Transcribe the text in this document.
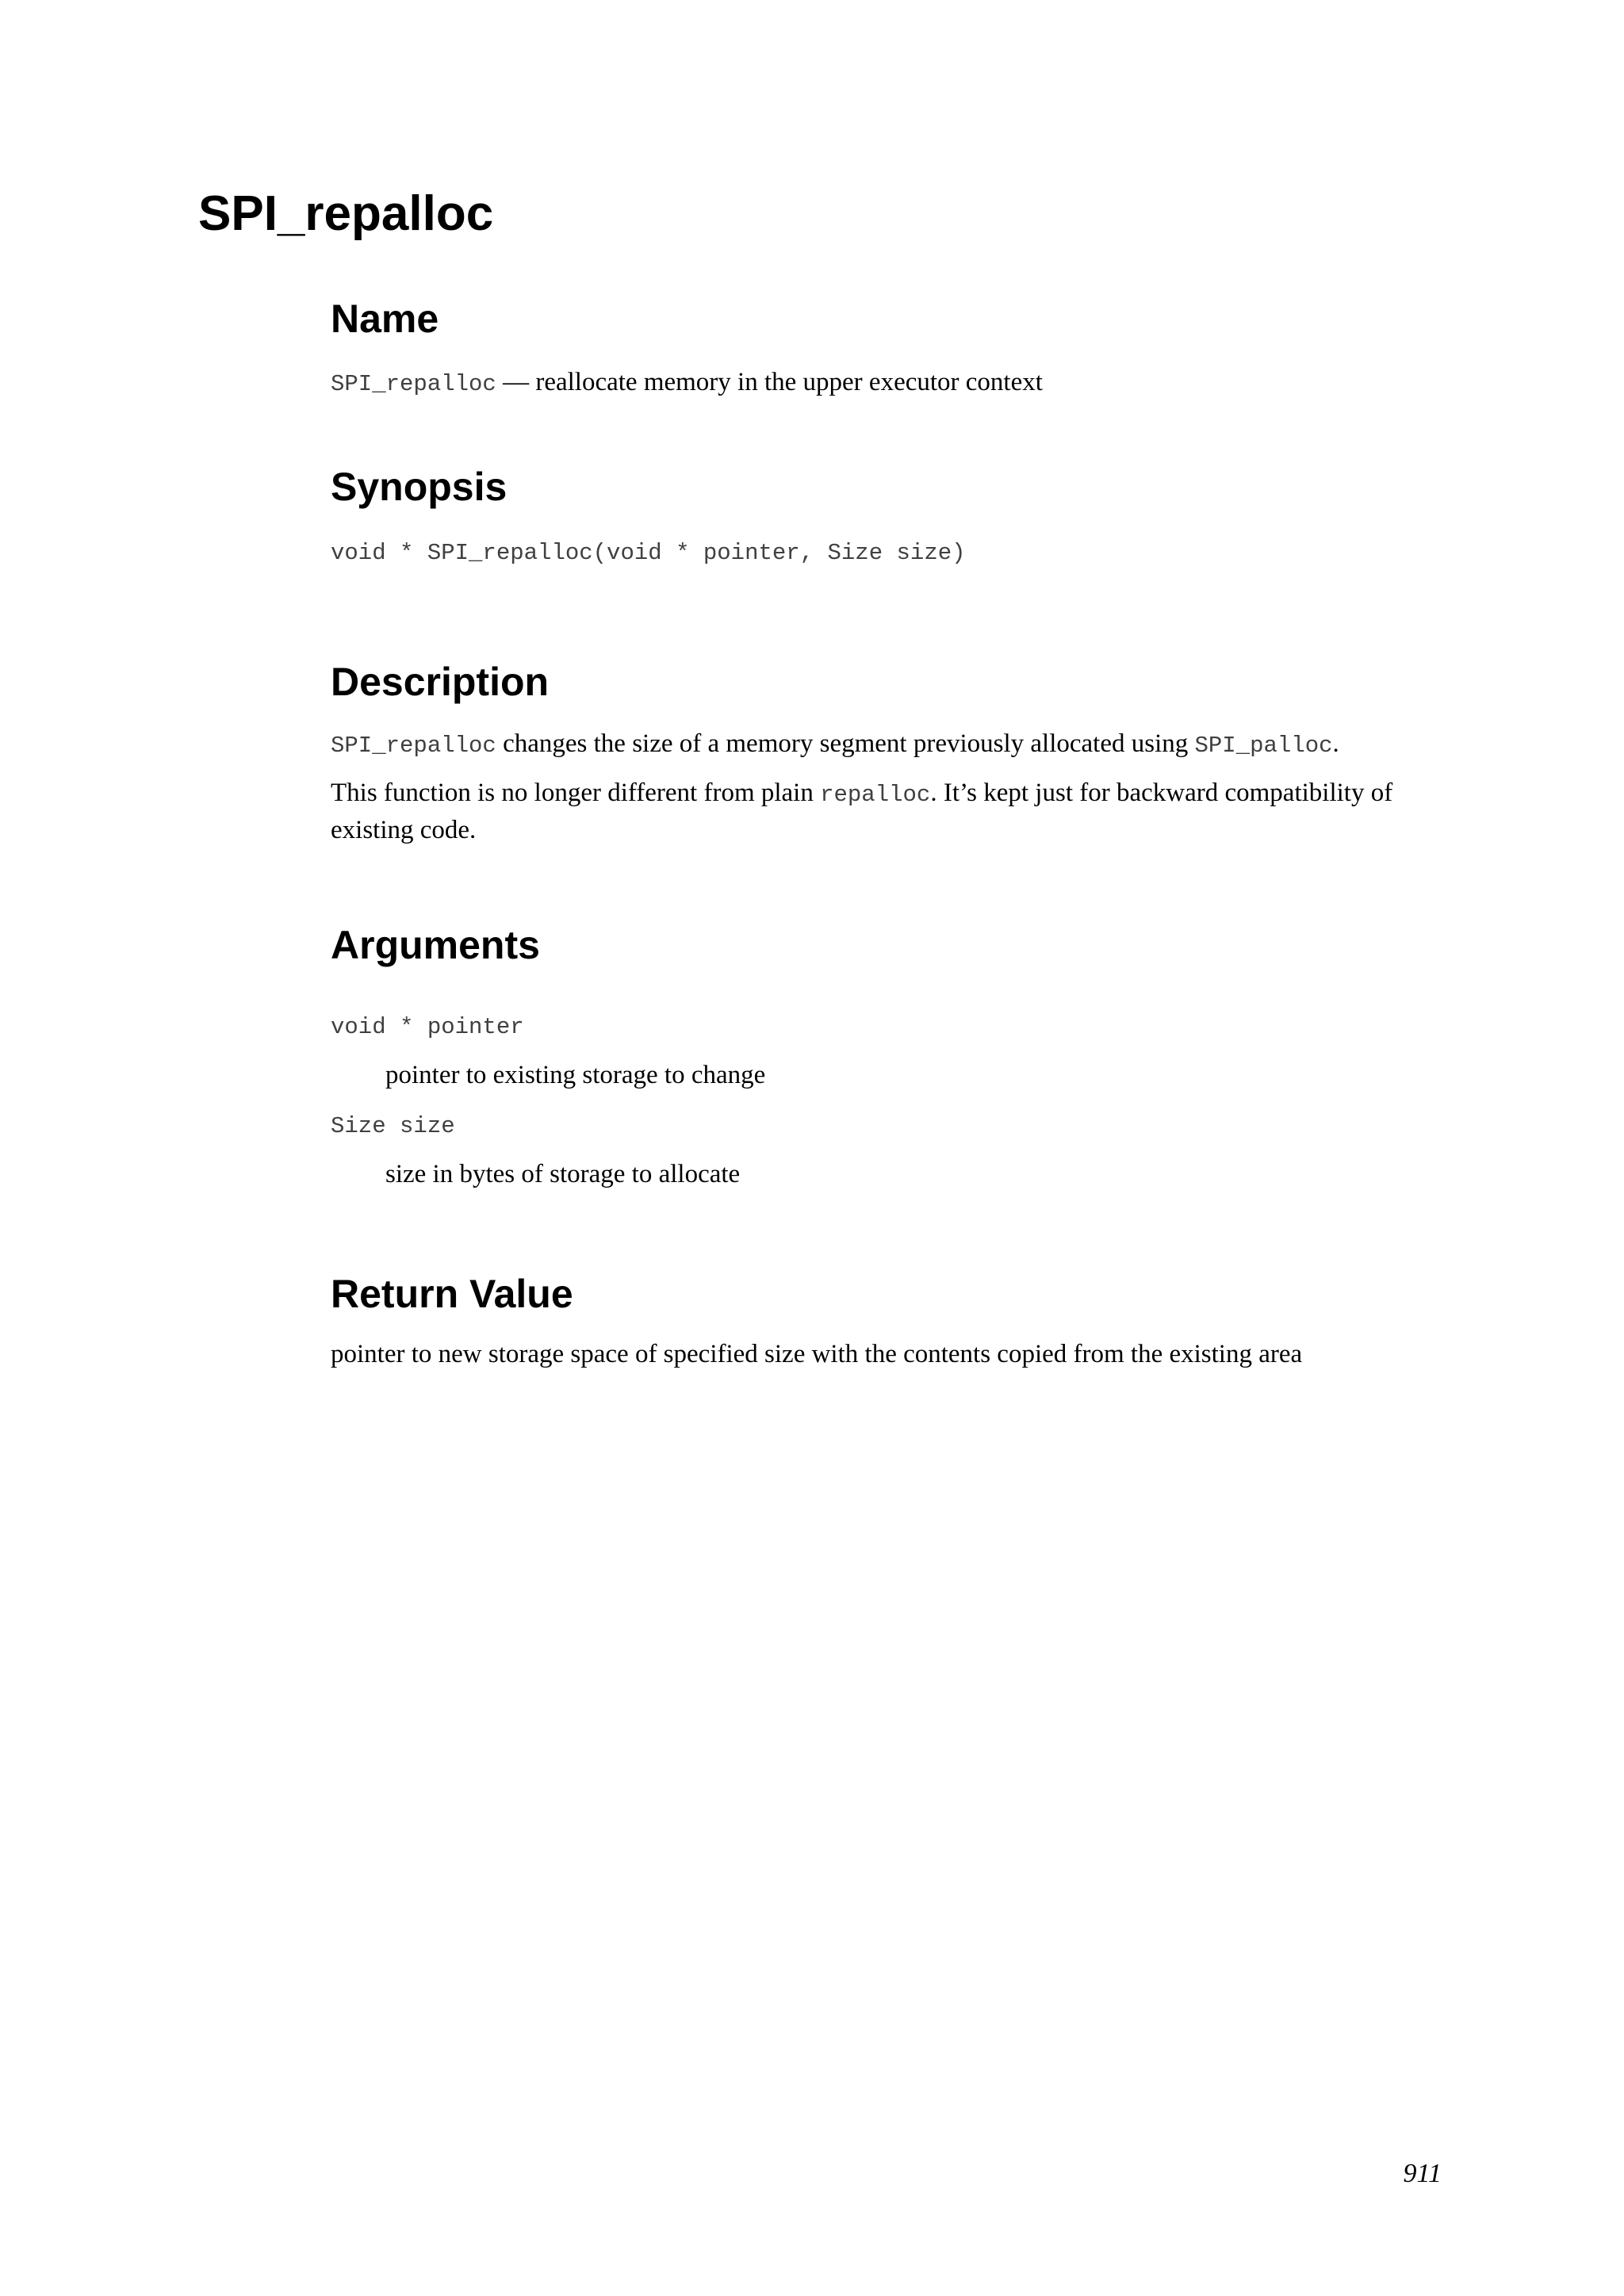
SPI_repalloc
Name

SPI_repalloc — reallocate memory in the upper executor context

Synopsis

void * SPI_repalloc(void * pointer, Size size)

Description

SPI_repalloc changes the size of a memory segment previously allocated using SPI_palloc.

This function is no longer different from plain repalloc. It’s kept just for backward compatibility of existing code.

Arguments

void * pointer

pointer to existing storage to change

Size size

size in bytes of storage to allocate

Return Value

pointer to new storage space of specified size with the contents copied from the existing area

911
